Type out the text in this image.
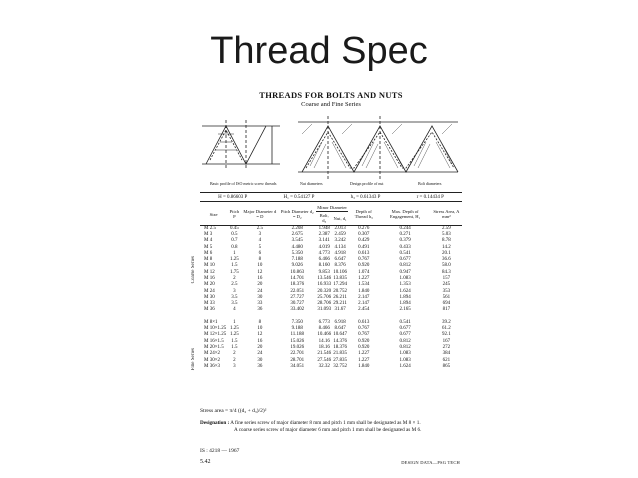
Thread Spec
THREADS FOR BOLTS AND NUTS
Coarse and Fine Series
Basic profile of ISO metric screw threads	Nut diameters	Design profile of nut	Bolt diameters
H = 0.86603 P	H₁ = 0.54127 P	h₃ = 0.61343 P	r = 0.14434 P
Coarse Series
Fine Series
Size	Pitch P	Major Diameter d = D	Pitch Diameter d₂ = D₂	Minor Diameter		Depth of Thread h₃	Max. Depth of Engagement, H₁	Stress Area, A mm²
				Bolt, d₃	Nut, d₁			
M 2.5	0.45	2.5	2.208	1.948	2.013	0.276	0.244	2.59
M 3	0.5	3	2.675	2.387	2.459	0.307	0.271	5.03
M 4	0.7	4	3.545	3.141	3.242	0.429	0.379	8.78
M 5	0.8	5	4.480	4.019	4.134	0.491	0.433	14.2
M 6	1	6	5.350	4.773	4.918	0.613	0.541	20.1
M 8	1.25	8	7.188	6.466	6.647	0.767	0.677	36.6
M 10	1.5	10	9.026	8.160	8.376	0.920	0.812	58.0
M 12	1.75	12	10.863	9.853	10.106	1.074	0.947	84.3
M 16	2	16	14.701	13.546	13.835	1.227	1.083	157
M 20	2.5	20	18.376	16.933	17.294	1.534	1.353	245
M 24	3	24	22.051	20.320	20.752	1.840	1.624	353
M 30	3.5	30	27.727	25.706	26.211	2.147	1.894	561
M 33	3.5	33	30.727	28.706	29.211	2.147	1.894	694
M 36	4	36	33.402	31.093	31.67	2.454	2.165	817

M 8×1	1	8	7.350	6.773	6.918	0.613	0.541	39.2
M 10×1.25	1.25	10	9.188	8.466	8.647	0.767	0.677	61.2
M 12×1.25	1.25	12	11.188	10.466	10.647	0.767	0.677	92.1
M 16×1.5	1.5	16	15.026	14.16	14.376	0.920	0.812	167
M 20×1.5	1.5	20	19.026	18.16	18.376	0.920	0.812	272
M 24×2	2	24	22.701	21.546	21.835	1.227	1.083	384
M 30×2	2	30	28.701	27.546	27.835	1.227	1.083	621
M 36×3	3	36	34.051	32.32	32.752	1.840	1.624	865
Stress area = π/4 ((d₂ + d₃)/2)²
Designation : A fine series screw of major diameter 8 mm and pitch 1 mm shall be designated as M 8 × 1.
A coarse series screw of major diameter 6 mm and pitch 1 mm shall be designated as M 6.
IS : 4218 — 1967
5.42	DESIGN DATA—PSG TECH
